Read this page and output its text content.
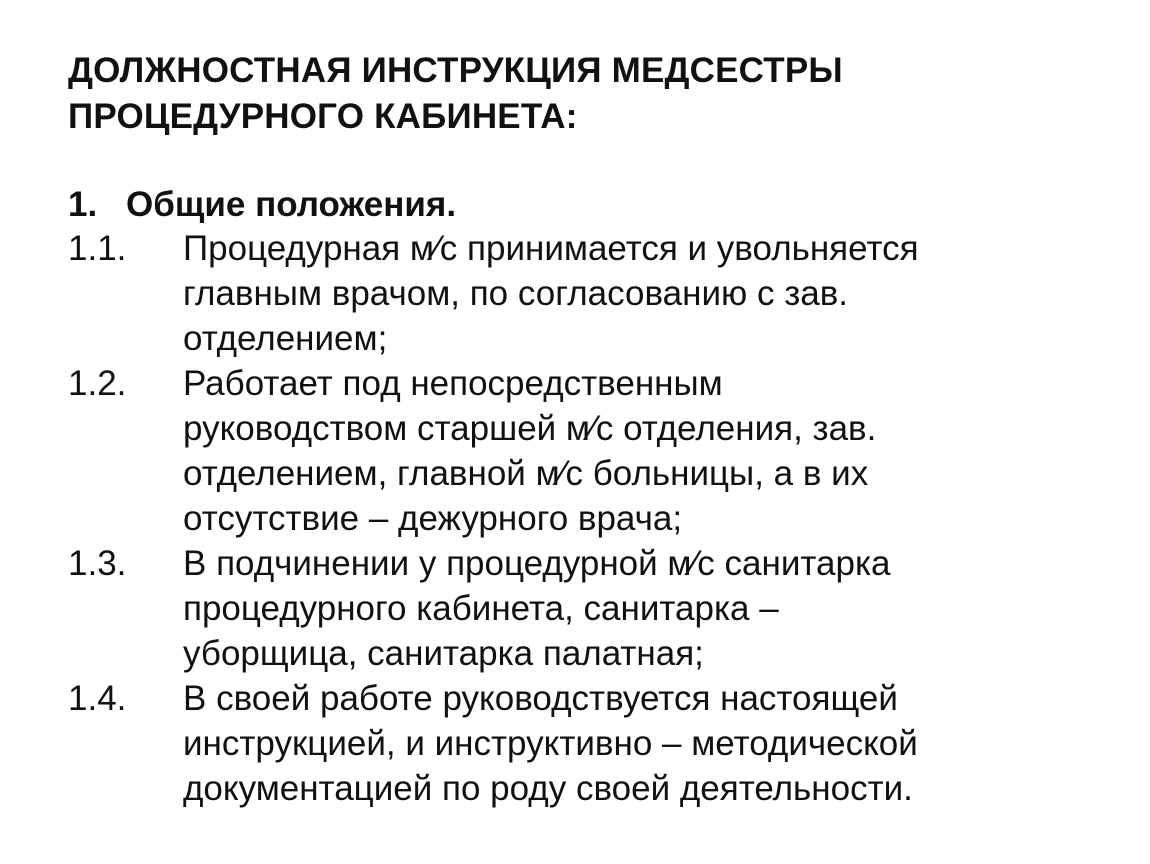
ДОЛЖНОСТНАЯ ИНСТРУКЦИЯ МЕДСЕСТРЫ
ПРОЦЕДУРНОГО КАБИНЕТА:
1. Общие положения.
1.1. Процедурная м⁄с принимается и увольняется
главным врачом, по согласованию с зав.
отделением;
1.2. Работает под непосредственным
руководством старшей м⁄с отделения, зав.
отделением, главной м⁄с больницы, а в их
отсутствие – дежурного врача;
1.3. В подчинении у процедурной м⁄с санитарка
процедурного кабинета, санитарка –
уборщица, санитарка палатная;
1.4. В своей работе руководствуется настоящей
инструкцией, и инструктивно – методической
документацией по роду своей деятельности.
